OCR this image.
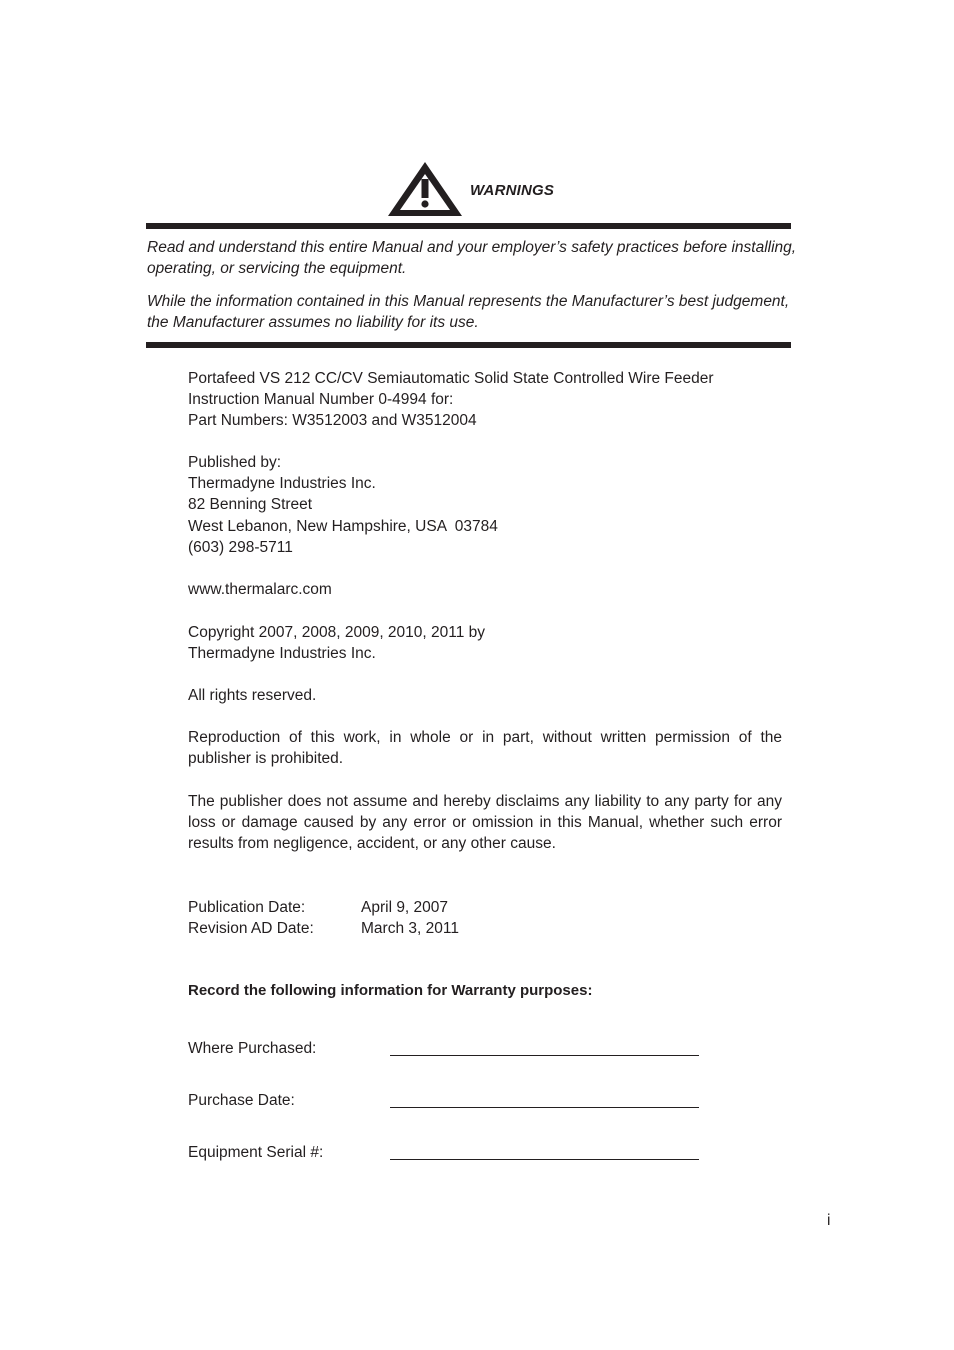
WARNINGS
Read and understand this entire Manual and your employer’s safety practices before installing, operating, or servicing the equipment.
While the information contained in this Manual represents the Manufacturer’s best judgement, the Manufacturer assumes no liability for its use.
Portafeed VS 212 CC/CV Semiautomatic Solid State Controlled Wire Feeder
Instruction Manual Number 0-4994 for:
Part Numbers: W3512003 and W3512004
Published by:
Thermadyne Industries Inc.
82 Benning Street
West Lebanon, New Hampshire, USA  03784
(603) 298-5711
www.thermalarc.com
Copyright 2007, 2008, 2009, 2010, 2011 by
Thermadyne Industries Inc.
All rights reserved.
Reproduction of this work, in whole or in part, without written permission of the publisher is prohibited.
The publisher does not assume and hereby disclaims any liability to any party for any loss or damage caused by any error or omission in this Manual, whether such error results from negligence, accident, or any other cause.
Publication Date:	April 9, 2007
Revision AD Date:	March 3, 2011
Record the following information for Warranty purposes:
Where Purchased:
Purchase Date:
Equipment Serial #:
i
